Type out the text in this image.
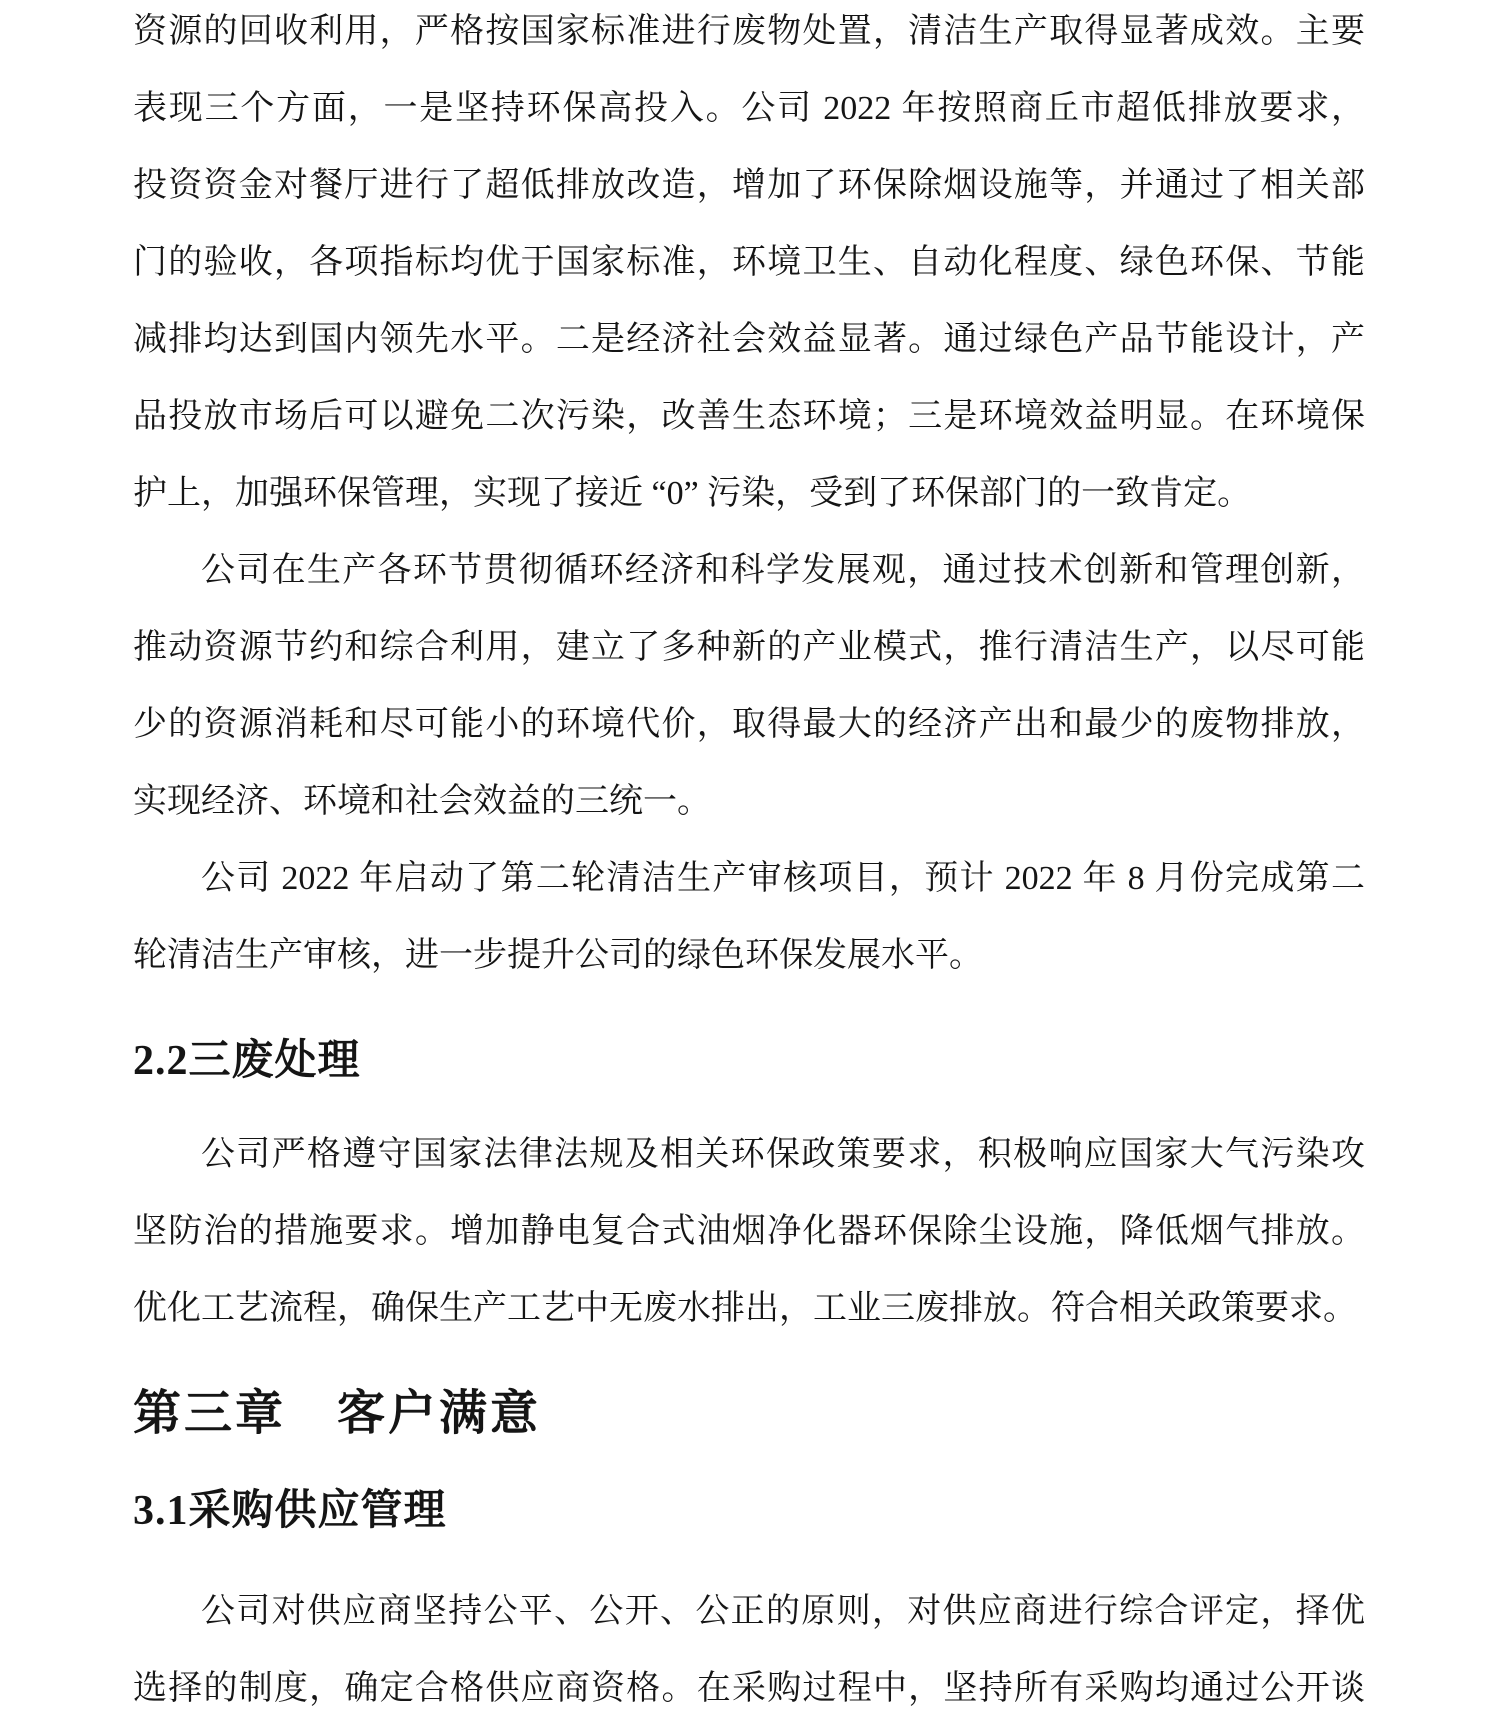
资源的回收利用，严格按国家标准进行废物处置，清洁生产取得显著成效。主要
表现三个方面，一是坚持环保高投入。公司 2022 年按照商丘市超低排放要求，
投资资金对餐厅进行了超低排放改造，增加了环保除烟设施等，并通过了相关部
门的验收，各项指标均优于国家标准，环境卫生、自动化程度、绿色环保、节能
减排均达到国内领先水平。二是经济社会效益显著。通过绿色产品节能设计，产
品投放市场后可以避免二次污染，改善生态环境；三是环境效益明显。在环境保
护上，加强环保管理，实现了接近 “0” 污染，受到了环保部门的一致肯定。
公司在生产各环节贯彻循环经济和科学发展观，通过技术创新和管理创新，
推动资源节约和综合利用，建立了多种新的产业模式，推行清洁生产，以尽可能
少的资源消耗和尽可能小的环境代价，取得最大的经济产出和最少的废物排放，
实现经济、环境和社会效益的三统一。
公司 2022 年启动了第二轮清洁生产审核项目，预计 2022 年 8 月份完成第二
轮清洁生产审核，进一步提升公司的绿色环保发展水平。
2.2三废处理
公司严格遵守国家法律法规及相关环保政策要求，积极响应国家大气污染攻
坚防治的措施要求。增加静电复合式油烟净化器环保除尘设施，降低烟气排放。
优化工艺流程，确保生产工艺中无废水排出，工业三废排放。符合相关政策要求。
第三章　客户满意
3.1采购供应管理
公司对供应商坚持公平、公开、公正的原则，对供应商进行综合评定，择优
选择的制度，确定合格供应商资格。在采购过程中，坚持所有采购均通过公开谈
